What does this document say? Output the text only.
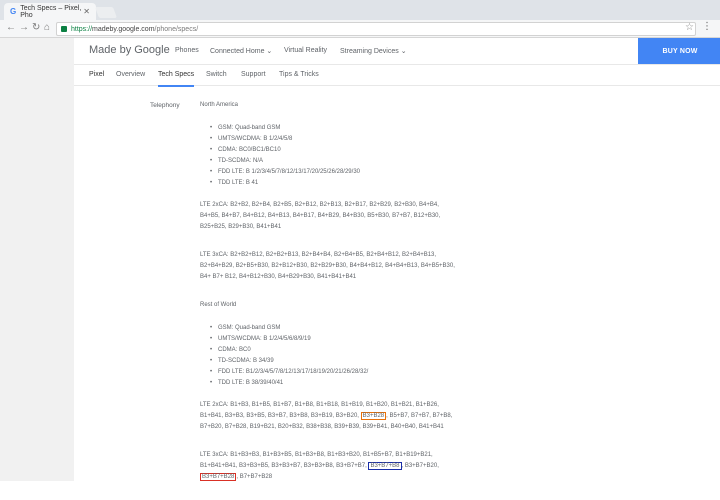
G Tech Specs – Pixel, Pho	✕
← → ↻ ⌂	https:// madeby.google.com /phone/specs/	☆ ⋮
Made by Google Phones Connected Home ⌄ Virtual Reality Streaming Devices ⌄	BUY NOW
Pixel Overview Tech Specs Switch Support Tips & Tricks
Telephony	North America
• GSM: Quad-band GSM
• UMTS/WCDMA: B 1/2/4/5/8
• CDMA: BC0/BC1/BC10
• TD-SCDMA: N/A
• FDD LTE: B 1/2/3/4/5/7/8/12/13/17/20/25/26/28/29/30
• TDD LTE: B 41

LTE 2xCA: B2+B2, B2+B4, B2+B5, B2+B12, B2+B13, B2+B17, B2+B29, B2+B30, B4+B4, B4+B5, B4+B7, B4+B12, B4+B13, B4+B17, B4+B29, B4+B30, B5+B30, B7+B7, B12+B30, B25+B25, B29+B30, B41+B41

LTE 3xCA: B2+B2+B12, B2+B2+B13, B2+B4+B4, B2+B4+B5, B2+B4+B12, B2+B4+B13, B2+B4+B29, B2+B5+B30, B2+B12+B30, B2+B29+B30, B4+B4+B12, B4+B4+B13, B4+B5+B30, B4+ B7+ B12, B4+B12+B30, B4+B29+B30, B41+B41+B41

Rest of World
• GSM: Quad-band GSM
• UMTS/WCDMA: B 1/2/4/5/6/8/9/19
• CDMA: BC0
• TD-SCDMA: B 34/39
• FDD LTE: B1/2/3/4/5/7/8/12/13/17/18/19/20/21/26/28/32/
• TDD LTE: B 38/39/40/41

LTE 2xCA: B1+B3, B1+B5, B1+B7, B1+B8, B1+B18, B1+B19, B1+B20, B1+B21, B1+B26, B1+B41, B3+B3, B3+B5, B3+B7, B3+B8, B3+B19, B3+B20, B3+B28 , B5+B7, B7+B7, B7+B8, B7+B20, B7+B28, B19+B21, B20+B32, B38+B38, B39+B39, B39+B41, B40+B40, B41+B41

LTE 3xCA: B1+B3+B3, B1+B3+B5, B1+B3+B8, B1+B3+B20, B1+B5+B7, B1+B19+B21, B1+B41+B41, B3+B3+B5, B3+B3+B7, B3+B3+B8, B3+B7+B7, B3+B7+B8 , B3+B7+B20, B3+B7+B28 , B7+B7+B28
